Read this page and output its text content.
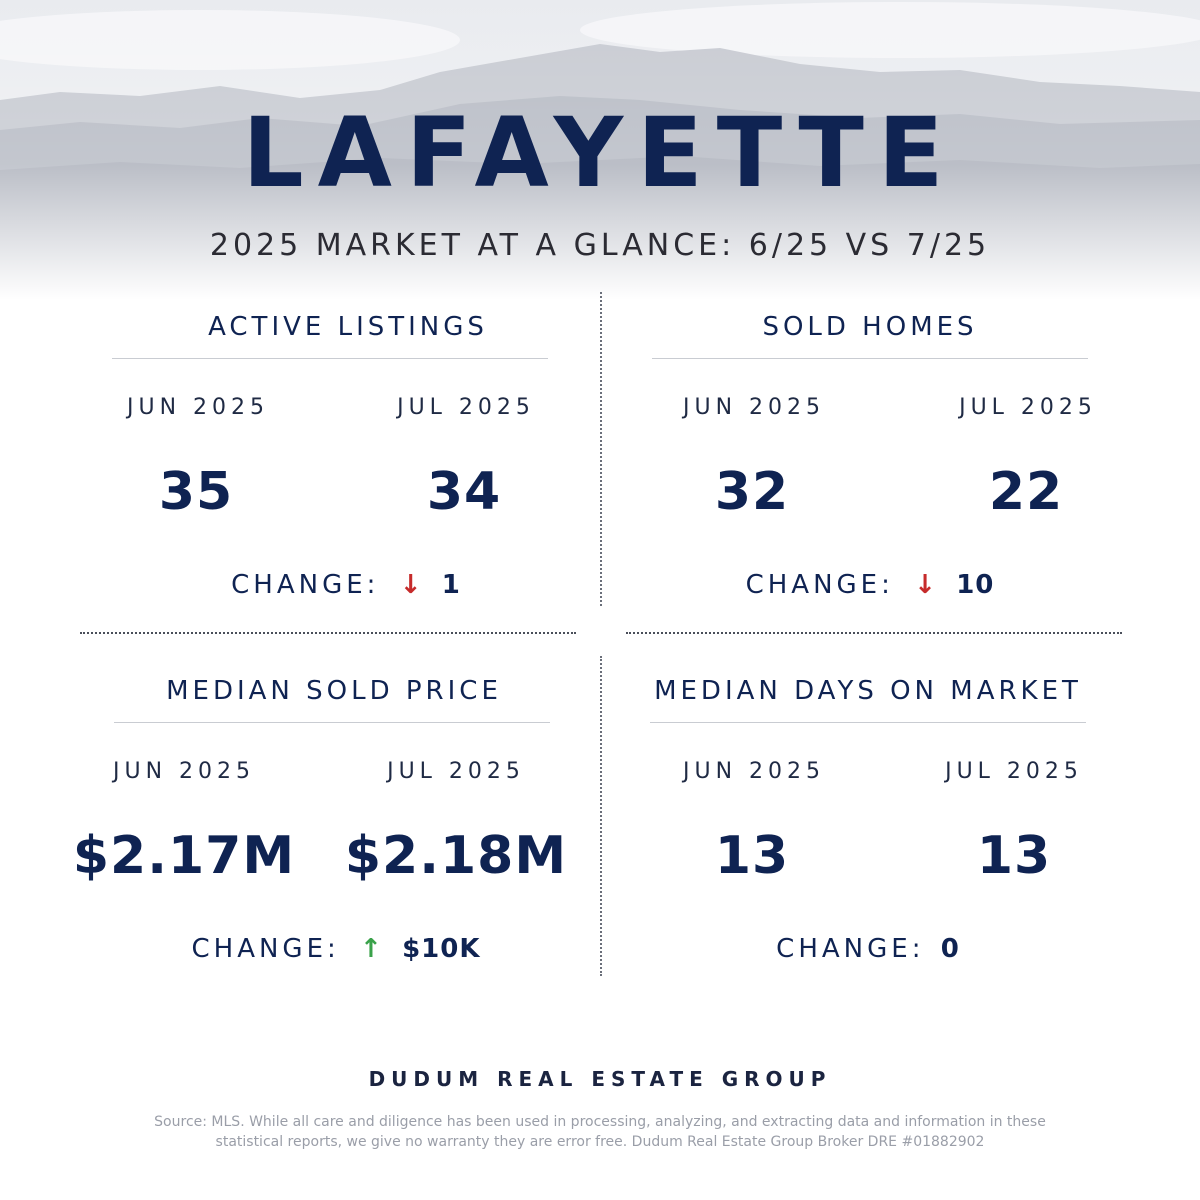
LAFAYETTE
2025 MARKET AT A GLANCE: 6/25 VS 7/25
ACTIVE LISTINGS
JUN 2025	JUL 2025
35	34
CHANGE: ↓ 1
SOLD HOMES
JUN 2025	JUL 2025
32	22
CHANGE: ↓ 10
MEDIAN SOLD PRICE
JUN 2025	JUL 2025
$2.17M $2.18M
CHANGE: ↑ $10K
MEDIAN DAYS ON MARKET
JUN 2025	JUL 2025
13	13
CHANGE: 0
DUDUM REAL ESTATE GROUP
Source: MLS. While all care and diligence has been used in processing, analyzing, and extracting data and information in these statistical reports, we give no warranty they are error free. Dudum Real Estate Group Broker DRE #01882902
